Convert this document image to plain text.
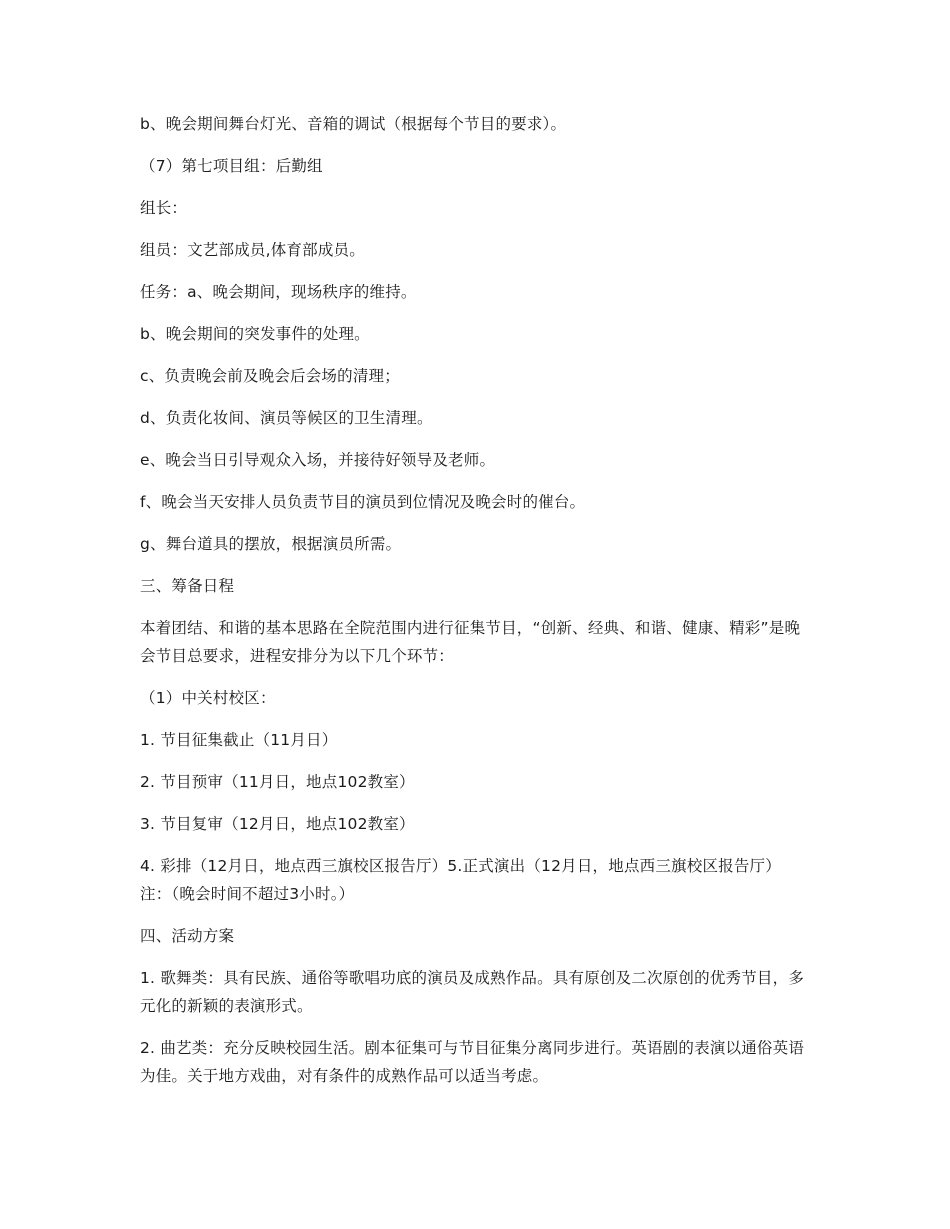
b、晚会期间舞台灯光、音箱的调试（根据每个节目的要求）。

（7）第七项目组：后勤组

组长：

组员：文艺部成员,体育部成员。

任务：a、晚会期间，现场秩序的维持。

b、晚会期间的突发事件的处理。

c、负责晚会前及晚会后会场的清理；

d、负责化妆间、演员等候区的卫生清理。

e、晚会当日引导观众入场，并接待好领导及老师。

f、晚会当天安排人员负责节目的演员到位情况及晚会时的催台。

g、舞台道具的摆放，根据演员所需。

三、筹备日程

本着团结、和谐的基本思路在全院范围内进行征集节目，“创新、经典、和谐、健康、精彩”是晚会节目总要求，进程安排分为以下几个环节：

（1）中关村校区：

1. 节目征集截止（11月日）

2. 节目预审（11月日，地点102教室）

3. 节目复审（12月日，地点102教室）

4. 彩排（12月日，地点西三旗校区报告厅）5.正式演出（12月日，地点西三旗校区报告厅）注：（晚会时间不超过3小时。）

四、活动方案

1. 歌舞类：具有民族、通俗等歌唱功底的演员及成熟作品。具有原创及二次原创的优秀节目，多元化的新颖的表演形式。

2. 曲艺类：充分反映校园生活。剧本征集可与节目征集分离同步进行。英语剧的表演以通俗英语为佳。关于地方戏曲，对有条件的成熟作品可以适当考虑。
